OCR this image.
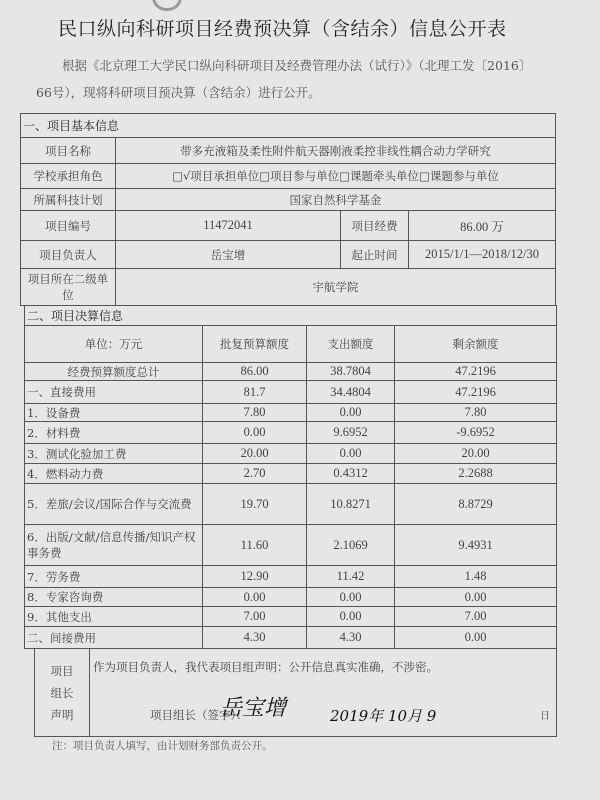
民口纵向科研项目经费预决算（含结余）信息公开表
根据《北京理工大学民口纵向科研项目及经费管理办法（试行）》（北理工发〔2016〕66号），现将科研项目预决算（含结余）进行公开。
一、项目基本信息			
项目名称	带多充液箱及柔性附件航天器刚液柔控非线性耦合动力学研究		
学校承担角色	□√项目承担单位□项目参与单位□课题牵头单位□课题参与单位		
所属科技计划	国家自然科学基金		
项目编号	11472041	项目经费	86.00 万
项目负责人	岳宝增	起止时间	2015/1/1—2018/12/30
项目所在二级单位	宇航学院		
二、项目决算信息			
单位：万元	批复预算额度	支出额度	剩余额度
经费预算额度总计	86.00	38.7804	47.2196
一、直接费用	81.7	34.4804	47.2196
1．设备费	7.80	0.00	7.80
2．材料费	0.00	9.6952	-9.6952
3．测试化验加工费	20.00	0.00	20.00
4．燃料动力费	2.70	0.4312	2.2688
5．差旅/会议/国际合作与交流费	19.70	10.8271	8.8729
6．出版/文献/信息传播/知识产权事务费	11.60	2.1069	9.4931
7．劳务费	12.90	11.42	1.48
8．专家咨询费	0.00	0.00	0.00
9．其他支出	7.00	0.00	7.00
二、间接费用	4.30	4.30	0.00
项目组长声明	作为项目负责人，我代表项目组声明：公开信息真实准确，不涉密。
项目组长（签字）：
岳宝增	2019年 10月 9	日
注：项目负责人填写，由计划财务部负责公开。
